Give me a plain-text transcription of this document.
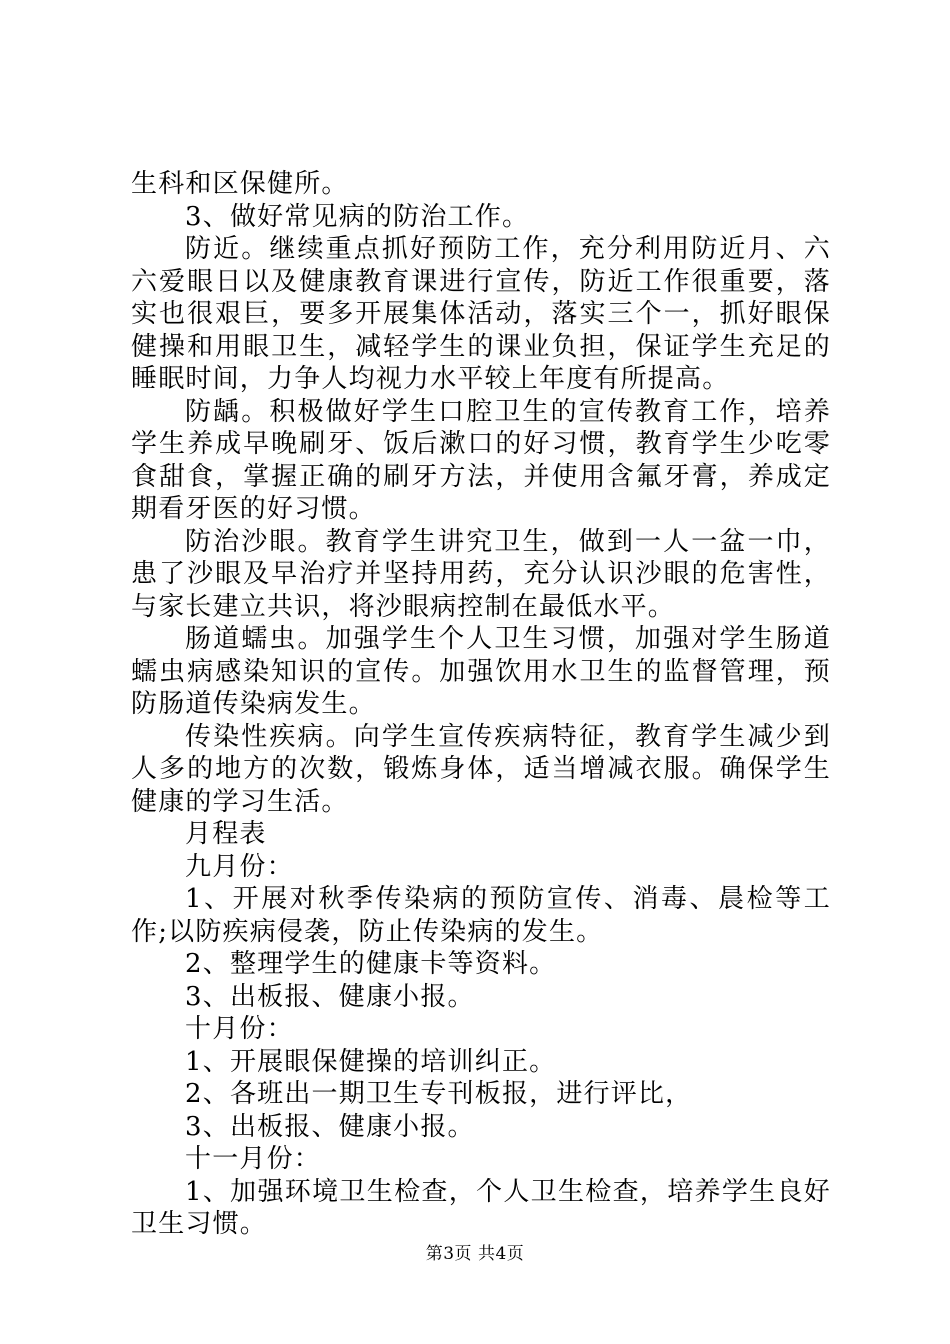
生科和区保健所。

3、做好常见病的防治工作。

防近。继续重点抓好预防工作，充分利用防近月、六六爱眼日以及健康教育课进行宣传，防近工作很重要，落实也很艰巨，要多开展集体活动，落实三个一，抓好眼保健操和用眼卫生，减轻学生的课业负担，保证学生充足的睡眠时间，力争人均视力水平较上年度有所提高。

防龋。积极做好学生口腔卫生的宣传教育工作，培养学生养成早晚刷牙、饭后漱口的好习惯，教育学生少吃零食甜食，掌握正确的刷牙方法，并使用含氟牙膏，养成定期看牙医的好习惯。

防治沙眼。教育学生讲究卫生，做到一人一盆一巾，患了沙眼及早治疗并坚持用药，充分认识沙眼的危害性，与家长建立共识，将沙眼病控制在最低水平。

肠道蠕虫。加强学生个人卫生习惯，加强对学生肠道蠕虫病感染知识的宣传。加强饮用水卫生的监督管理，预防肠道传染病发生。

传染性疾病。向学生宣传疾病特征，教育学生减少到人多的地方的次数，锻炼身体，适当增减衣服。确保学生健康的学习生活。

月程表

九月份：

1、开展对秋季传染病的预防宣传、消毒、晨检等工作;以防疾病侵袭，防止传染病的发生。

2、整理学生的健康卡等资料。

3、出板报、健康小报。

十月份：

1、开展眼保健操的培训纠正。

2、各班出一期卫生专刊板报，进行评比，

3、出板报、健康小报。

十一月份：

1、加强环境卫生检查，个人卫生检查，培养学生良好卫生习惯。

第3页 共4页
